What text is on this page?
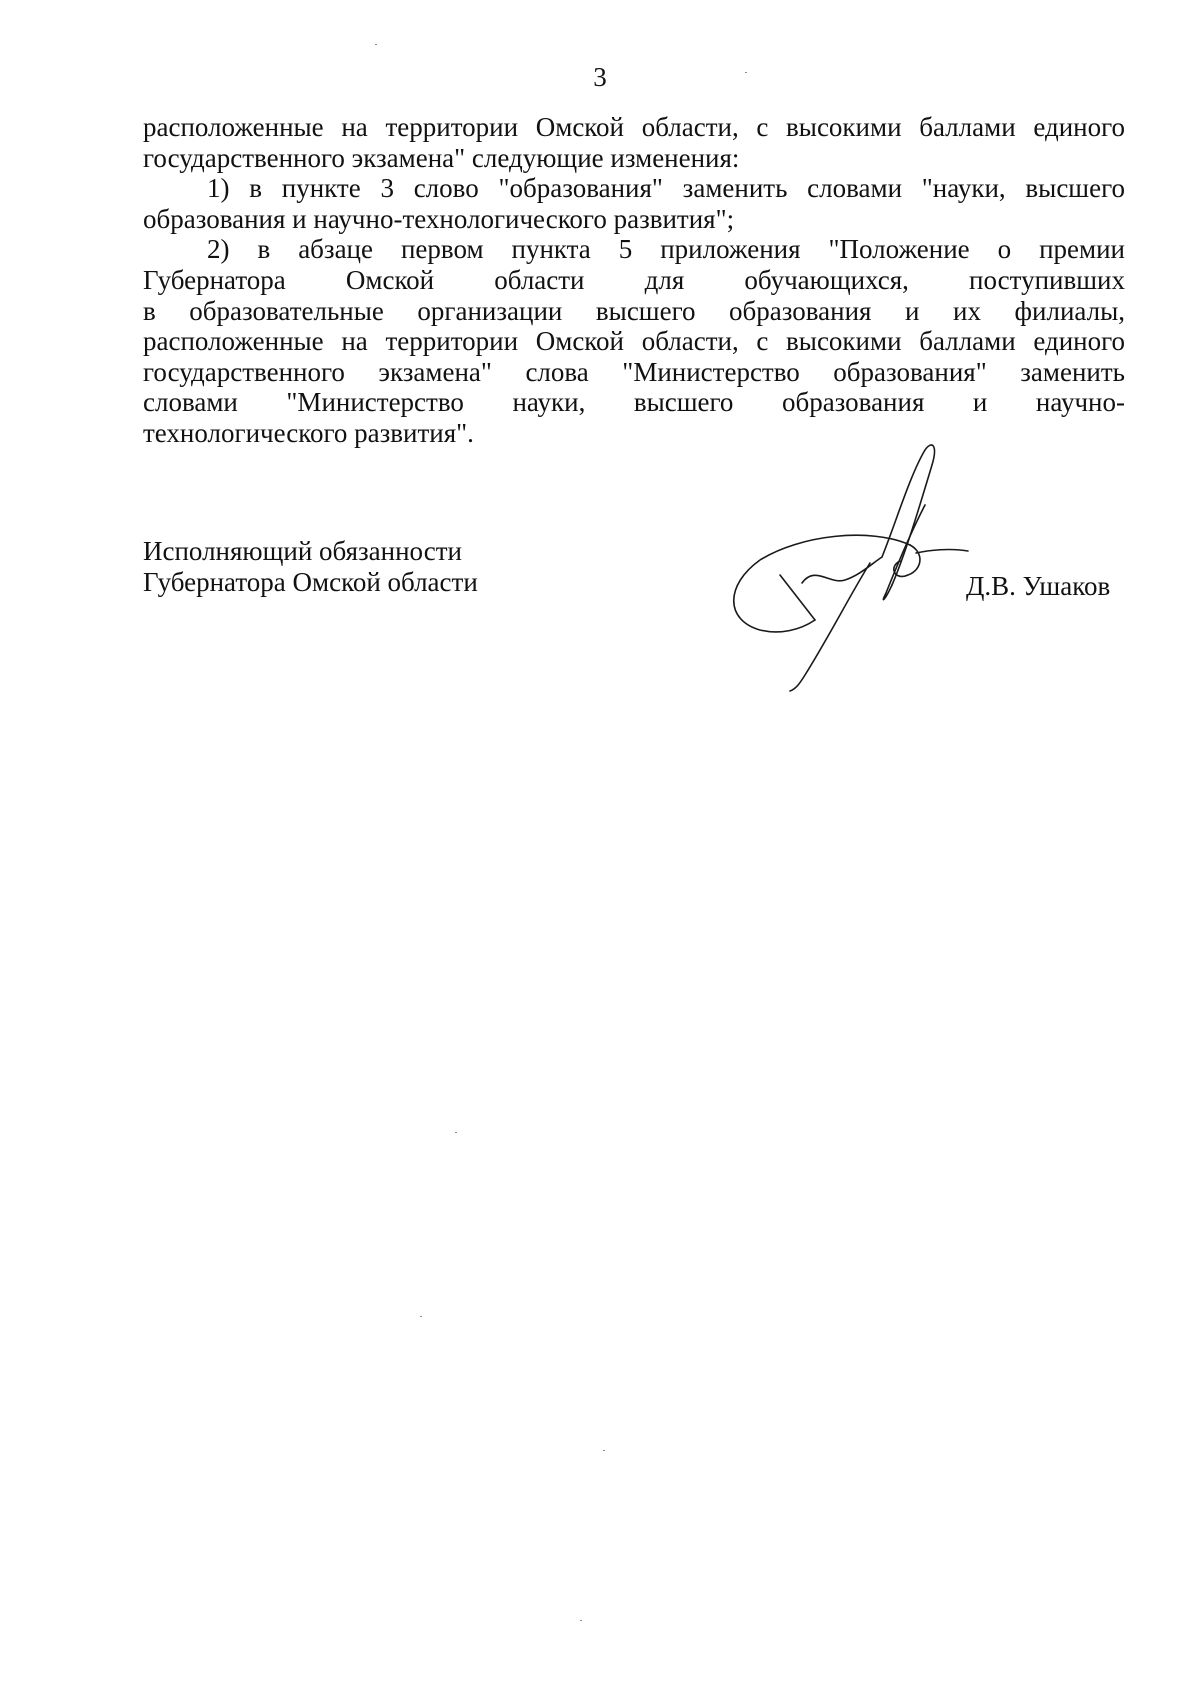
3

расположенные на территории Омской области, с высокими баллами единого
государственного экзамена" следующие изменения:

1) в пункте 3 слово "образования" заменить словами "науки, высшего
образования и научно-технологического развития";

2) в абзаце первом пункта 5 приложения "Положение о премии
Губернатора Омской области для обучающихся, поступивших
в образовательные организации высшего образования и их филиалы,
расположенные на территории Омской области, с высокими баллами единого
государственного экзамена" слова "Министерство образования" заменить
словами "Министерство науки, высшего образования и научно-
технологического развития".

Исполняющий обязанности
Губернатора Омской области	Д.В. Ушаков
